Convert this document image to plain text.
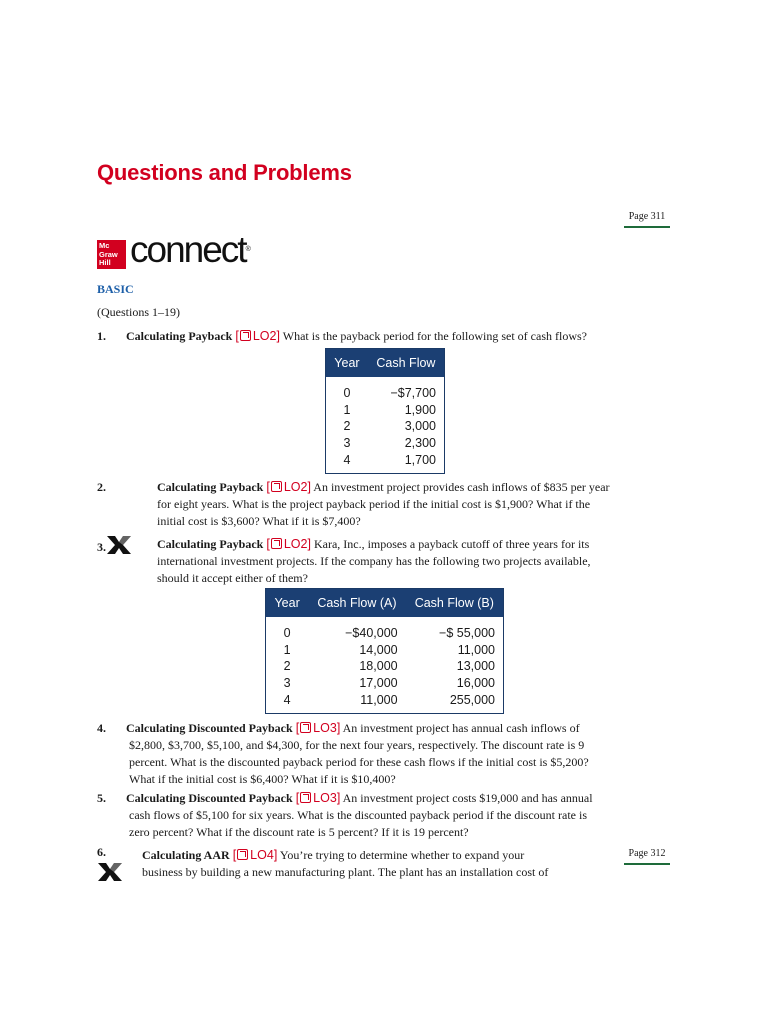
Questions and Problems
Page 311
Page 312
Mc
Graw
Hill connect®
BASIC
(Questions 1–19)
1. Calculating Payback [ LO2] What is the payback period for the following set of cash flows?
Year	Cash Flow
0	−$7,700
1	1,900
2	3,000
3	2,300
4	1,700
2.	Calculating Payback [ LO2] An investment project provides cash inflows of $835 per year
for eight years. What is the project payback period if the initial cost is $1,900? What if the
initial cost is $3,600? What if it is $7,400?
3.	Calculating Payback [ LO2] Kara, Inc., imposes a payback cutoff of three years for its
international investment projects. If the company has the following two projects available,
should it accept either of them?
Year	Cash Flow (A)	Cash Flow (B)
0	−$40,000	−$ 55,000
1	14,000	11,000
2	18,000	13,000
3	17,000	16,000
4	11,000	255,000
4. Calculating Discounted Payback [ LO3] An investment project has annual cash inflows of
$2,800, $3,700, $5,100, and $4,300, for the next four years, respectively. The discount rate is 9
percent. What is the discounted payback period for these cash flows if the initial cost is $5,200?
What if the initial cost is $6,400? What if it is $10,400?
5. Calculating Discounted Payback [ LO3] An investment project costs $19,000 and has annual
cash flows of $5,100 for six years. What is the discounted payback period if the discount rate is
zero percent? What if the discount rate is 5 percent? If it is 19 percent?
6.	Calculating AAR [ LO4] You’re trying to determine whether to expand your
business by building a new manufacturing plant. The plant has an installation cost of
